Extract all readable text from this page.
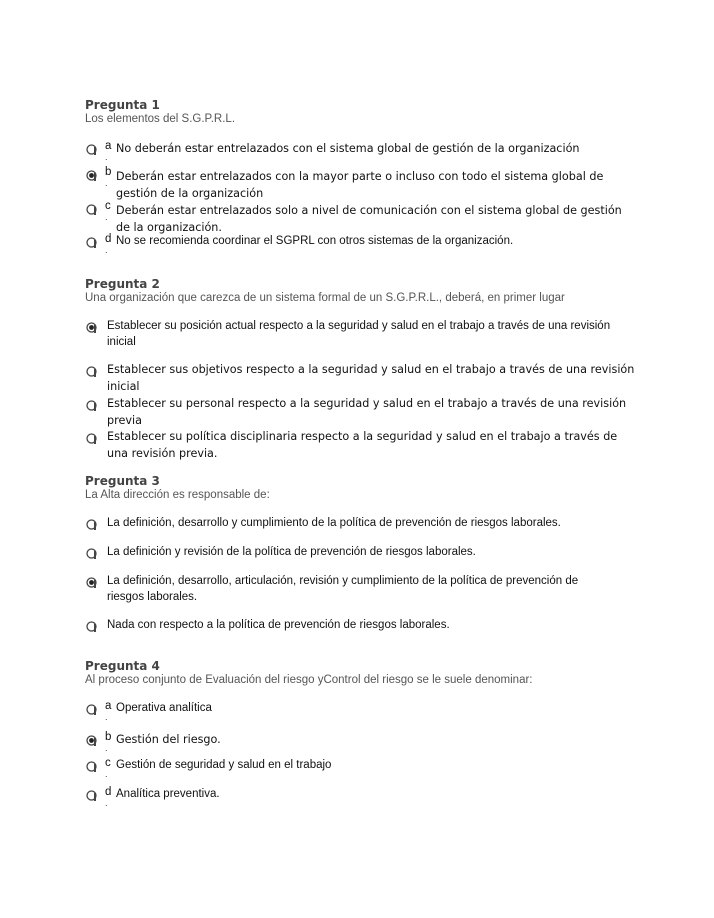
Pregunta 1
Los elementos del S.G.P.R.L.
a
.
No deberán estar entrelazados con el sistema global de gestión de la organización
b
. Deberán estar entrelazados con la mayor parte o incluso con todo el sistema global de gestión de la organización
c
. Deberán estar entrelazados solo a nivel de comunicación con el sistema global de gestión de la organización.
d
.
No se recomienda coordinar el SGPRL con otros sistemas de la organización.
Pregunta 2
Una organización que carezca de un sistema formal de un S.G.P.R.L., deberá, en primer lugar
Establecer su posición actual respecto a la seguridad y salud en el trabajo a través de una revisión inicial
Establecer sus objetivos respecto a la seguridad y salud en el trabajo a través de una revisión inicial
Establecer su personal respecto a la seguridad y salud en el trabajo a través de una revisión previa
Establecer su política disciplinaria respecto a la seguridad y salud en el trabajo a través de una revisión previa.
Pregunta 3
La Alta dirección es responsable de:
La definición, desarrollo y cumplimiento de la política de prevención de riesgos laborales.
La definición y revisión de la política de prevención de riesgos laborales.
La definición, desarrollo, articulación, revisión y cumplimiento de la política de prevención de riesgos laborales.
Nada con respecto a la política de prevención de riesgos laborales.
Pregunta 4
Al proceso conjunto de Evaluación del riesgo yControl del riesgo se le suele denominar:
a
.
Operativa analítica
b
.
Gestión del riesgo.
c
.
Gestión de seguridad y salud en el trabajo
d
.
Analítica preventiva.
